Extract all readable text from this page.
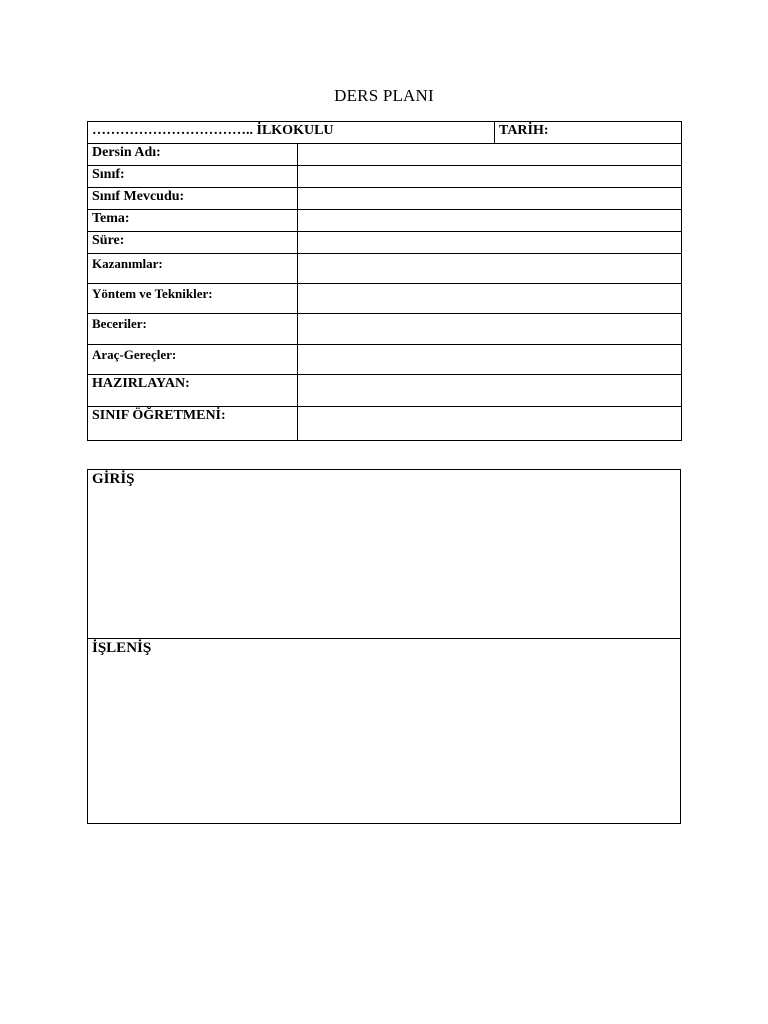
DERS PLANI
…………………………….. İLKOKULU		TARİH:
Dersin Adı:		
Sınıf:		
Sınıf Mevcudu:		
Tema:		
Süre:		
Kazanımlar:		
Yöntem ve Teknikler:		
Beceriler:		
Araç-Gereçler:		
HAZIRLAYAN:		
SINIF ÖĞRETMENİ:		
GİRİŞ
İŞLENİŞ
